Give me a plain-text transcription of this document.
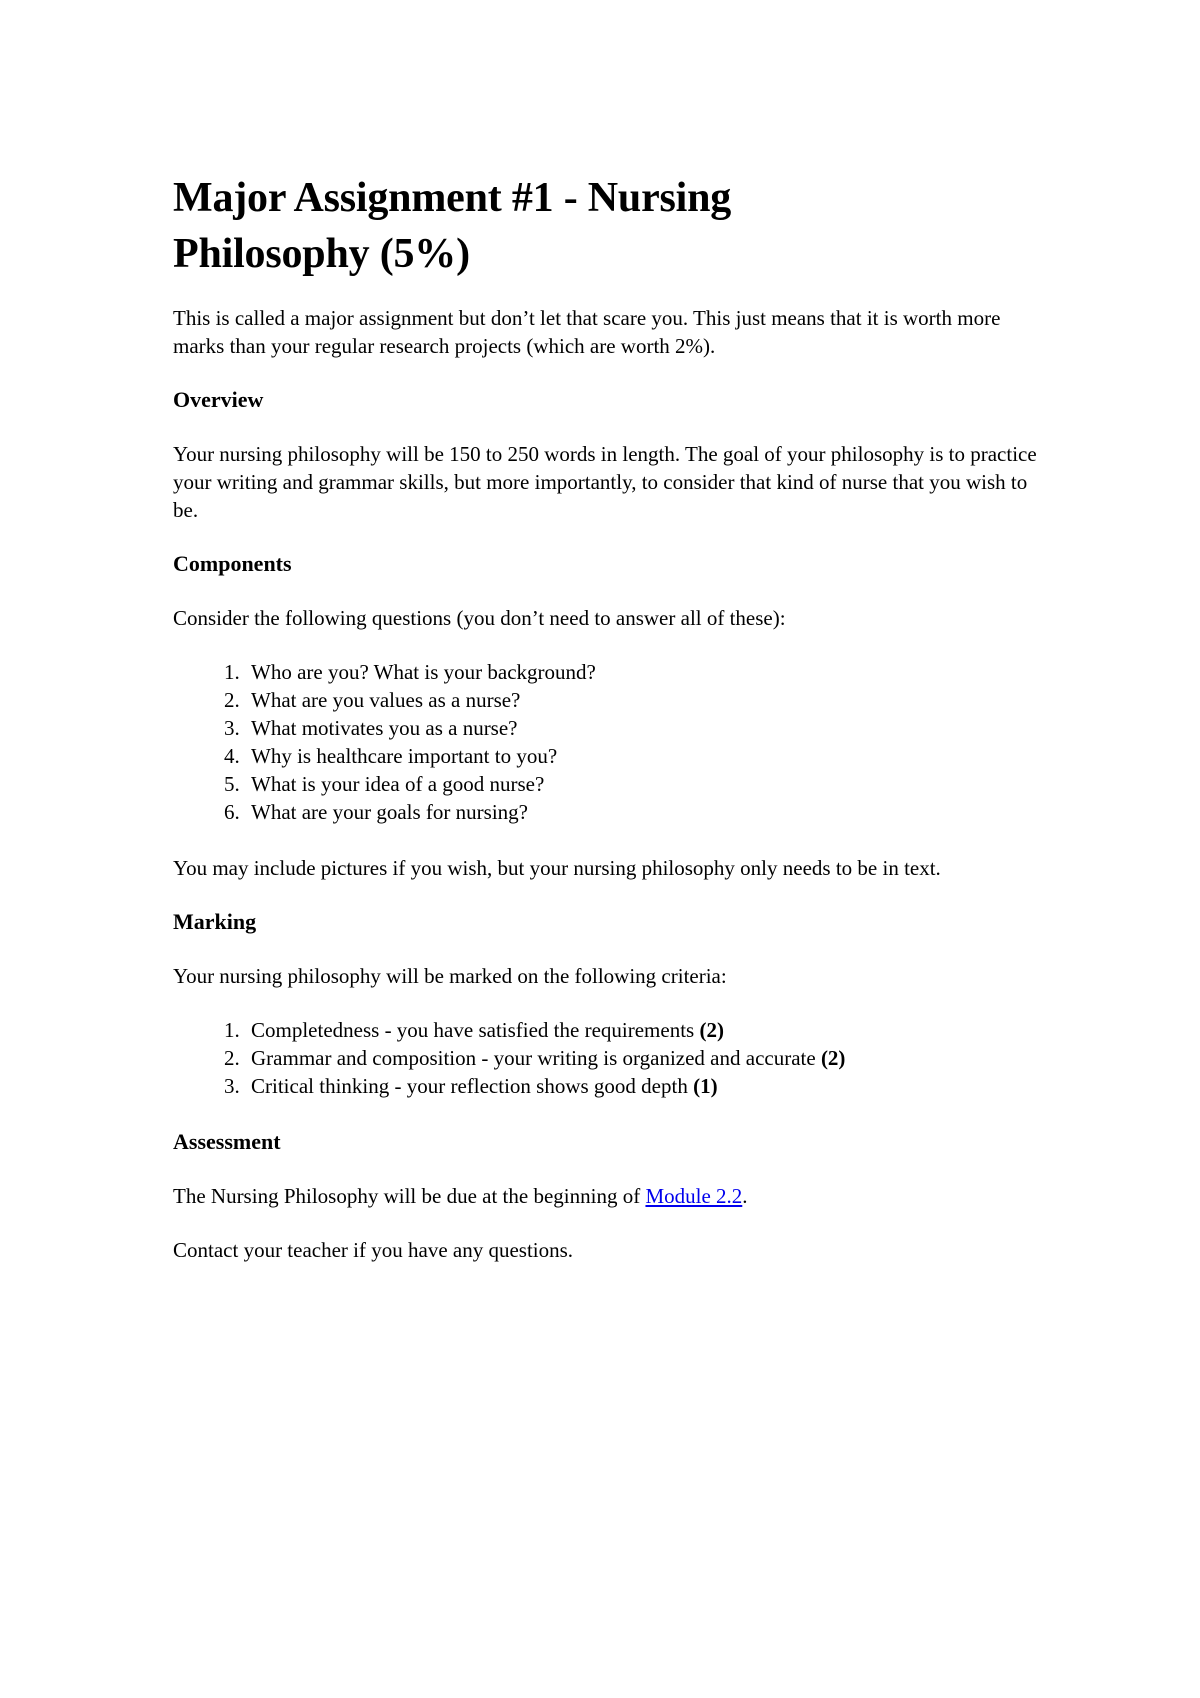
Major Assignment #1 - Nursing
Philosophy (5%)

This is called a major assignment but don’t let that scare you. This just means that it is worth more marks than your regular research projects (which are worth 2%).

Overview

Your nursing philosophy will be 150 to 250 words in length. The goal of your philosophy is to practice your writing and grammar skills, but more importantly, to consider that kind of nurse that you wish to be.

Components

Consider the following questions (you don’t need to answer all of these):

1. Who are you? What is your background?
2. What are you values as a nurse?
3. What motivates you as a nurse?
4. Why is healthcare important to you?
5. What is your idea of a good nurse?
6. What are your goals for nursing?

You may include pictures if you wish, but your nursing philosophy only needs to be in text.

Marking

Your nursing philosophy will be marked on the following criteria:

1. Completedness - you have satisfied the requirements (2)
2. Grammar and composition - your writing is organized and accurate (2)
3. Critical thinking - your reflection shows good depth (1)
Assessment

The Nursing Philosophy will be due at the beginning of Module 2.2.

Contact your teacher if you have any questions.
